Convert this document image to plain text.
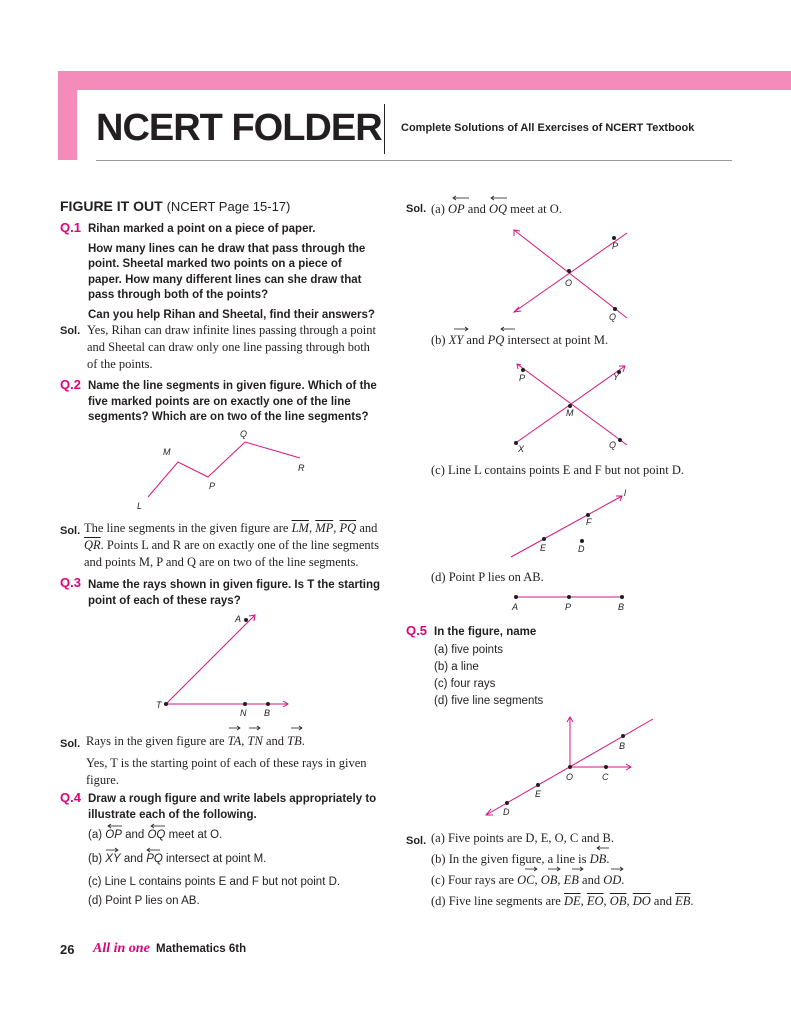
NCERT FOLDER Complete Solutions of All Exercises of NCERT Textbook
FIGURE IT OUT (NCERT Page 15-17)
Q.1 Rihan marked a point on a piece of paper.
How many lines can he draw that pass through the
point. Sheetal marked two points on a piece of
paper. How many different lines can she draw that
pass through both of the points?
Can you help Rihan and Sheetal, find their answers?
Sol. Yes, Rihan can draw infinite lines passing through a point
and Sheetal can draw only one line passing through both
of the points.
Q.2 Name the line segments in given figure. Which of the
five marked points are on exactly one of the line
segments? Which are on two of the line segments?
M
Q
R
P
L
Sol. The line segments in the given figure are $\overline{LM}$, $\overline{MP}$, $\overline{PQ}$ and
$\overline{QR}$. Points L and R are on exactly one of the line segments
and points M, P and Q are on two of the line segments.
Q.3 Name the rays shown in given figure. Is T the starting
point of each of these rays?
A
T
N B
Sol. Rays in the given figure are TA, TN and TB.
Yes, T is the starting point of each of these rays in given
figure.
Q.4 Draw a rough figure and write labels appropriately to
illustrate each of the following.
(a) OP and OQ meet at O.
(b) XY and PQ intersect at point M.
(c) Line L contains points E and F but not point D.
(d) Point P lies on AB.
Sol. (a) OP and OQ meet at O.
P
O
Q
(b) XY and PQ intersect at point M.
P	Y
M
X	Q
(c) Line L contains points E and F but not point D.
l
F
E	D
(d) Point P lies on AB.
A	P	B
Q.5 In the figure, name
(a) five points
(b) a line
(c) four rays
(d) five line segments
B
O	C
E
D
Sol. (a) Five points are D, E, O, C and B.
(b) In the given figure, a line is DB.
(c) Four rays are OC, OB, EB and OD.
(d) Five line segments are $\overline{DE}$, $\overline{EO}$, $\overline{OB}$, $\overline{DO}$ and $\overline{EB}$.
26 All in one Mathematics 6th
